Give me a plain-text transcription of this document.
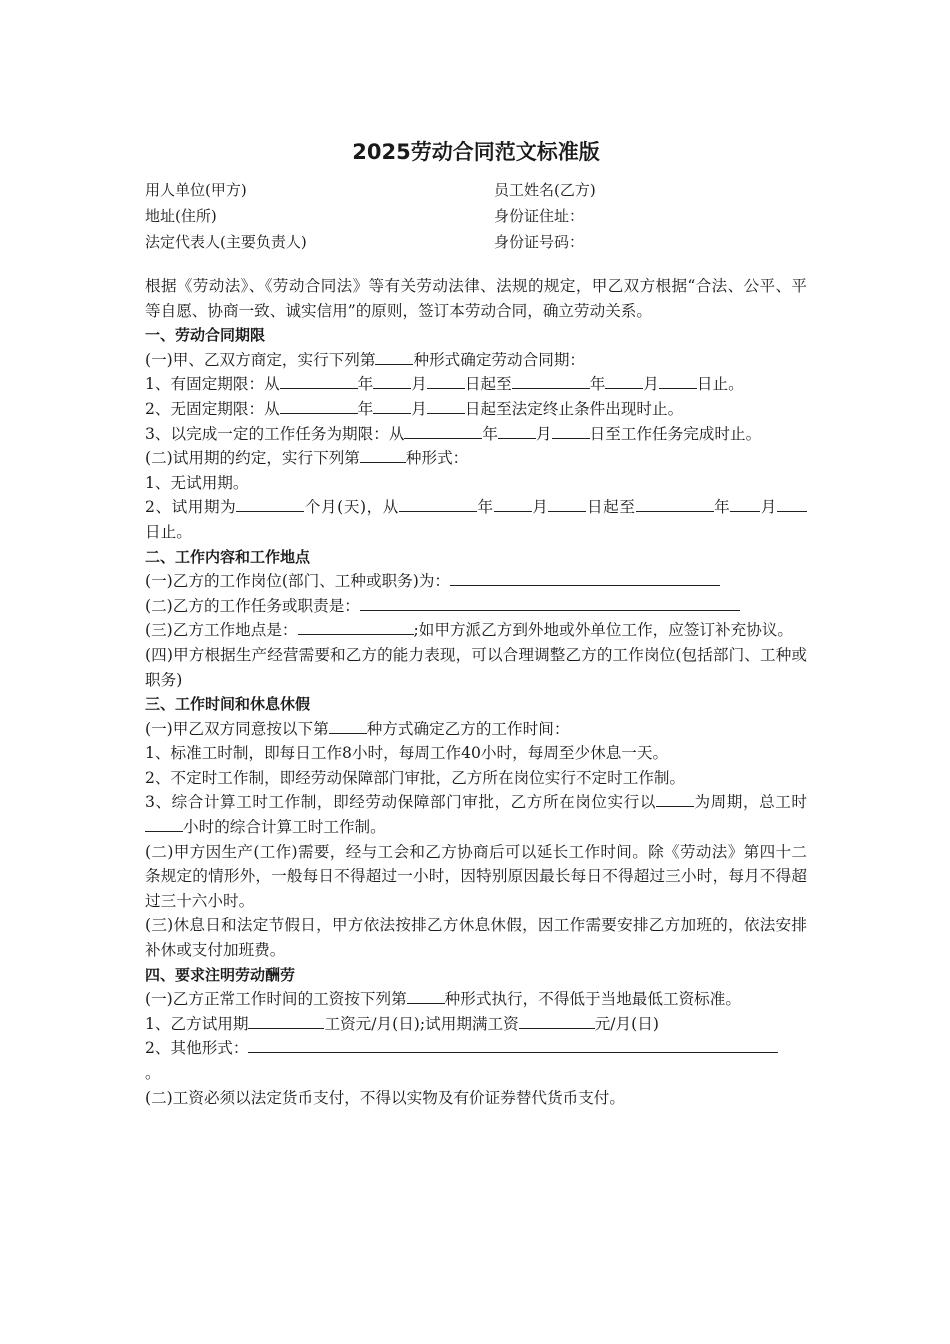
2025劳动合同范文标准版
用人单位(甲方)	员工姓名(乙方)
地址(住所)	身份证住址：
法定代表人(主要负责人)	身份证号码：

根据《劳动法》、《劳动合同法》等有关劳动法律、法规的规定，甲乙双方根据“合法、公平、平等自愿、协商一致、诚实信用”的原则，签订本劳动合同，确立劳动关系。

一、劳动合同期限

(一)甲、乙双方商定，实行下列第 种形式确定劳动合同期：

1、有固定期限：从	年 月 日起至	年 月 日止。

2、无固定期限：从	年 月 日起至法定终止条件出现时止。

3、以完成一定的工作任务为期限：从	年 月 日至工作任务完成时止。

(二)试用期的约定，实行下列第	种形式：

1、无试用期。

2、试用期为	个月(天)，从	年 月 日起至	年 月日止。

二、工作内容和工作地点

(一)乙方的工作岗位(部门、工种或职务)为：

(二)乙方的工作任务或职责是：

(三)乙方工作地点是：	;如甲方派乙方到外地或外单位工作，应签订补充协议。

(四)甲方根据生产经营需要和乙方的能力表现，可以合理调整乙方的工作岗位(包括部门、工种或职务)

三、工作时间和休息休假

(一)甲乙双方同意按以下第 种方式确定乙方的工作时间：

1、标准工时制，即每日工作8小时，每周工作40小时，每周至少休息一天。

2、不定时工作制，即经劳动保障部门审批，乙方所在岗位实行不定时工作制。

3、综合计算工时工作制，即经劳动保障部门审批，乙方所在岗位实行以 为周期，总工时小时的综合计算工时工作制。

(二)甲方因生产(工作)需要，经与工会和乙方协商后可以延长工作时间。除《劳动法》第四十二条规定的情形外，一般每日不得超过一小时，因特别原因最长每日不得超过三小时，每月不得超过三十六小时。

(三)休息日和法定节假日，甲方依法按排乙方休息休假，因工作需要安排乙方加班的，依法安排补休或支付加班费。

四、要求注明劳动酬劳

(一)乙方正常工作时间的工资按下列第 种形式执行，不得低于当地最低工资标准。

1、乙方试用期	工资元/月(日);试用期满工资	元/月(日)

2、其他形式：

。

(二)工资必须以法定货币支付，不得以实物及有价证券替代货币支付。
